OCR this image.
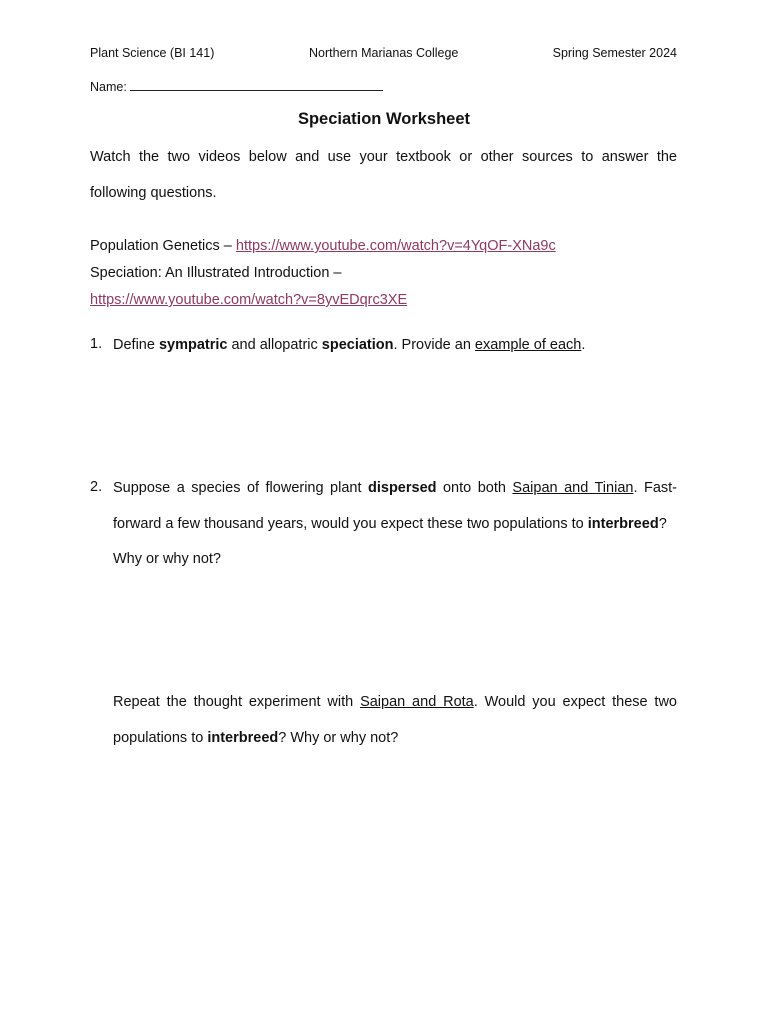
Plant Science (BI 141)	Northern Marianas College	Spring Semester 2024
Name:
Speciation Worksheet
Watch the two videos below and use your textbook or other sources to answer the
following questions.
Population Genetics – https://www.youtube.com/watch?v=4YqOF-XNa9c
Speciation: An Illustrated Introduction –
https://www.youtube.com/watch?v=8yvEDqrc3XE
1. Define sympatric and allopatric speciation. Provide an example of each.
2. Suppose a species of flowering plant dispersed onto both Saipan and Tinian. Fast-
forward a few thousand years, would you expect these two populations to interbreed?
Why or why not?
Repeat the thought experiment with Saipan and Rota. Would you expect these two
populations to interbreed? Why or why not?
